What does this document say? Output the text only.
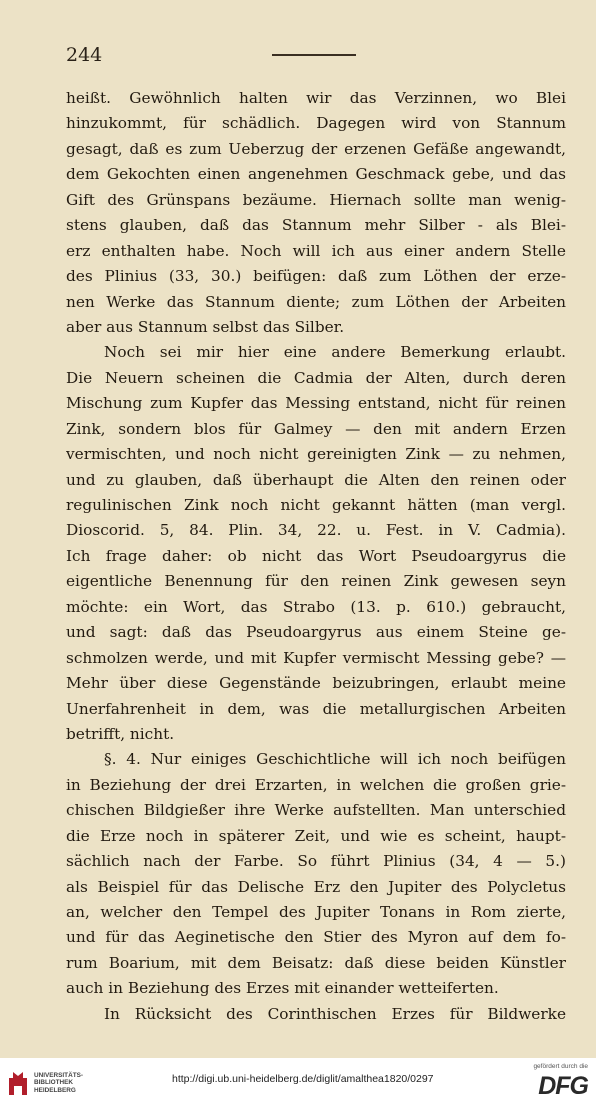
244
heißt. Gewöhnlich halten wir das Verzinnen, wo Blei
hinzukommt, für schädlich. Dagegen wird von Stannum
gesagt, daß es zum Ueberzug der erzenen Gefäße angewandt,
dem Gekochten einen angenehmen Geschmack gebe, und das
Gift des Grünspans bezäume. Hiernach sollte man wenig-
stens glauben, daß das Stannum mehr Silber - als Blei-
erz enthalten habe. Noch will ich aus einer andern Stelle
des Plinius (33, 30.) beifügen: daß zum Löthen der erze-
nen Werke das Stannum diente; zum Löthen der Arbeiten
aber aus Stannum selbst das Silber.
Noch sei mir hier eine andere Bemerkung erlaubt.
Die Neuern scheinen die Cadmia der Alten, durch deren
Mischung zum Kupfer das Messing entstand, nicht für reinen
Zink, sondern blos für Galmey — den mit andern Erzen
vermischten, und noch nicht gereinigten Zink — zu nehmen,
und zu glauben, daß überhaupt die Alten den reinen oder
regulinischen Zink noch nicht gekannt hätten (man vergl.
Dioscorid. 5, 84. Plin. 34, 22. u. Fest. in V. Cadmia).
Ich frage daher: ob nicht das Wort Pseudoargyrus die
eigentliche Benennung für den reinen Zink gewesen seyn
möchte: ein Wort, das Strabo (13. p. 610.) gebraucht,
und sagt: daß das Pseudoargyrus aus einem Steine ge-
schmolzen werde, und mit Kupfer vermischt Messing gebe? —
Mehr über diese Gegenstände beizubringen, erlaubt meine
Unerfahrenheit in dem, was die metallurgischen Arbeiten
betrifft, nicht.
§. 4. Nur einiges Geschichtliche will ich noch beifügen
in Beziehung der drei Erzarten, in welchen die großen grie-
chischen Bildgießer ihre Werke aufstellten. Man unterschied
die Erze noch in späterer Zeit, und wie es scheint, haupt-
sächlich nach der Farbe. So führt Plinius (34, 4 — 5.)
als Beispiel für das Delische Erz den Jupiter des Polycletus
an, welcher den Tempel des Jupiter Tonans in Rom zierte,
und für das Aeginetische den Stier des Myron auf dem fo-
rum Boarium, mit dem Beisatz: daß diese beiden Künstler
auch in Beziehung des Erzes mit einander wetteiferten.
In Rücksicht des Corinthischen Erzes für Bildwerke
UNIVERSITÄTS-
BIBLIOTHEK
HEIDELBERG
http://digi.ub.uni-heidelberg.de/diglit/amalthea1820/0297
gefördert durch die
DFG
